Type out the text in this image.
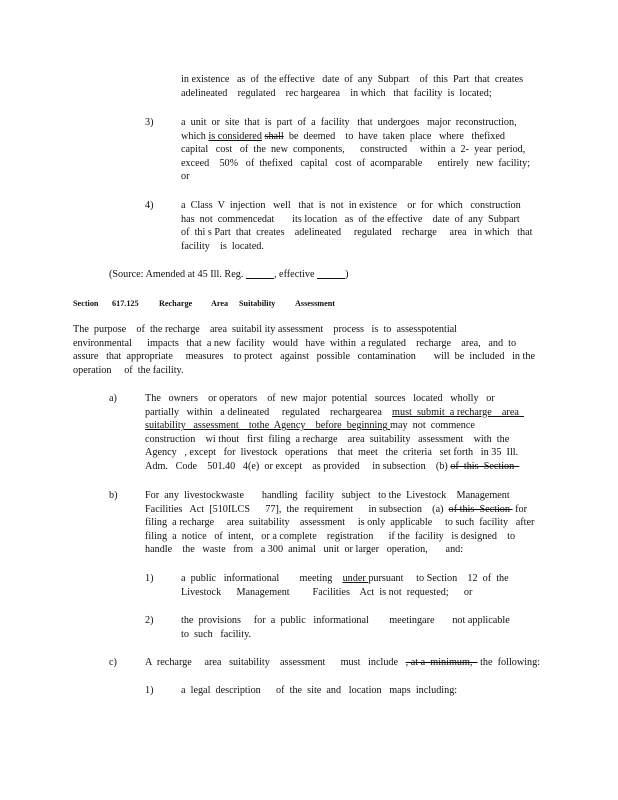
in existence   as  of  the effective   date  of  any  Subpart    of  this  Part  that  creates
adelineated    regulated    rec hargearea    in which   that  facility  is  located;
3)	a  unit  or  site  that  is  part  of  a  facility   that  undergoes   major  reconstruction,
which is considered shall  be  deemed    to  have  taken  place   where   thefixed
capital   cost   of  the  new  components,      constructed     within  a  2-  year  period,
exceed    50%   of  thefixed   capital   cost  of  acomparable      entirely   new  facility;
or
4)	a  Class  V  injection   well   that  is  not  in existence    or  for  which   construction
has  not  commencedat       its location   as  of  the effective    date  of  any  Subpart
of  thi s Part  that  creates    adelineated     regulated    recharge     area   in which   that
facility    is  located.
(Source: Amended at 45 Ill. Reg.	, effective	)
Section 617.125 Recharge Area Suitability Assessment
The  purpose    of  the recharge    area  suitabil ity assessment    process   is  to  assesspotential
environmental      impacts   that  a new  facility   would   have  within  a regulated    recharge    area,   and  to
assure   that  appropriate     measures    to protect   against   possible   contamination       will  be  included   in the
operation     of  the facility.
a)	The   owners    or operators    of  new  major  potential   sources   located   wholly   or
partially   within   a delineated     regulated    rechargearea    must  submit  a recharge    area
suitability   assessment    tothe  Agency    before  beginning may  not  commence
construction    wi thout   first  filing  a recharge    area  suitability   assessment    with  the
Agency   , except   for  livestock   operations    that  meet   the  criteria   set forth   in 35  Ill.
Adm.   Code    501.40   4(e)  or except    as provided     in subsection    (b) of  this  Section
b)	For  any  livestockwaste       handling   facility   subject   to the  Livestock    Management
Facilities   Act  [510ILCS      77],  the  requirement      in subsection    (a)  of this  Section  for
filing  a recharge     area  suitability    assessment     is only  applicable     to such  facility   after
filing  a  notice   of  intent,   or a complete    registration      if the  facility   is designed    to
handle    the   waste   from   a 300  animal   unit  or larger   operation,       and:
1)	a  public   informational        meeting    under pursuant     to Section    12  of  the
Livestock      Management         Facilities    Act  is not  requested;      or
2)	the  provisions     for  a  public   informational        meetingare       not applicable
to  such   facility.
c)	A  recharge     area   suitability    assessment      must   include   , at a  minimum,   the  following:
1)	a  legal  description      of  the  site  and   location   maps  including:
